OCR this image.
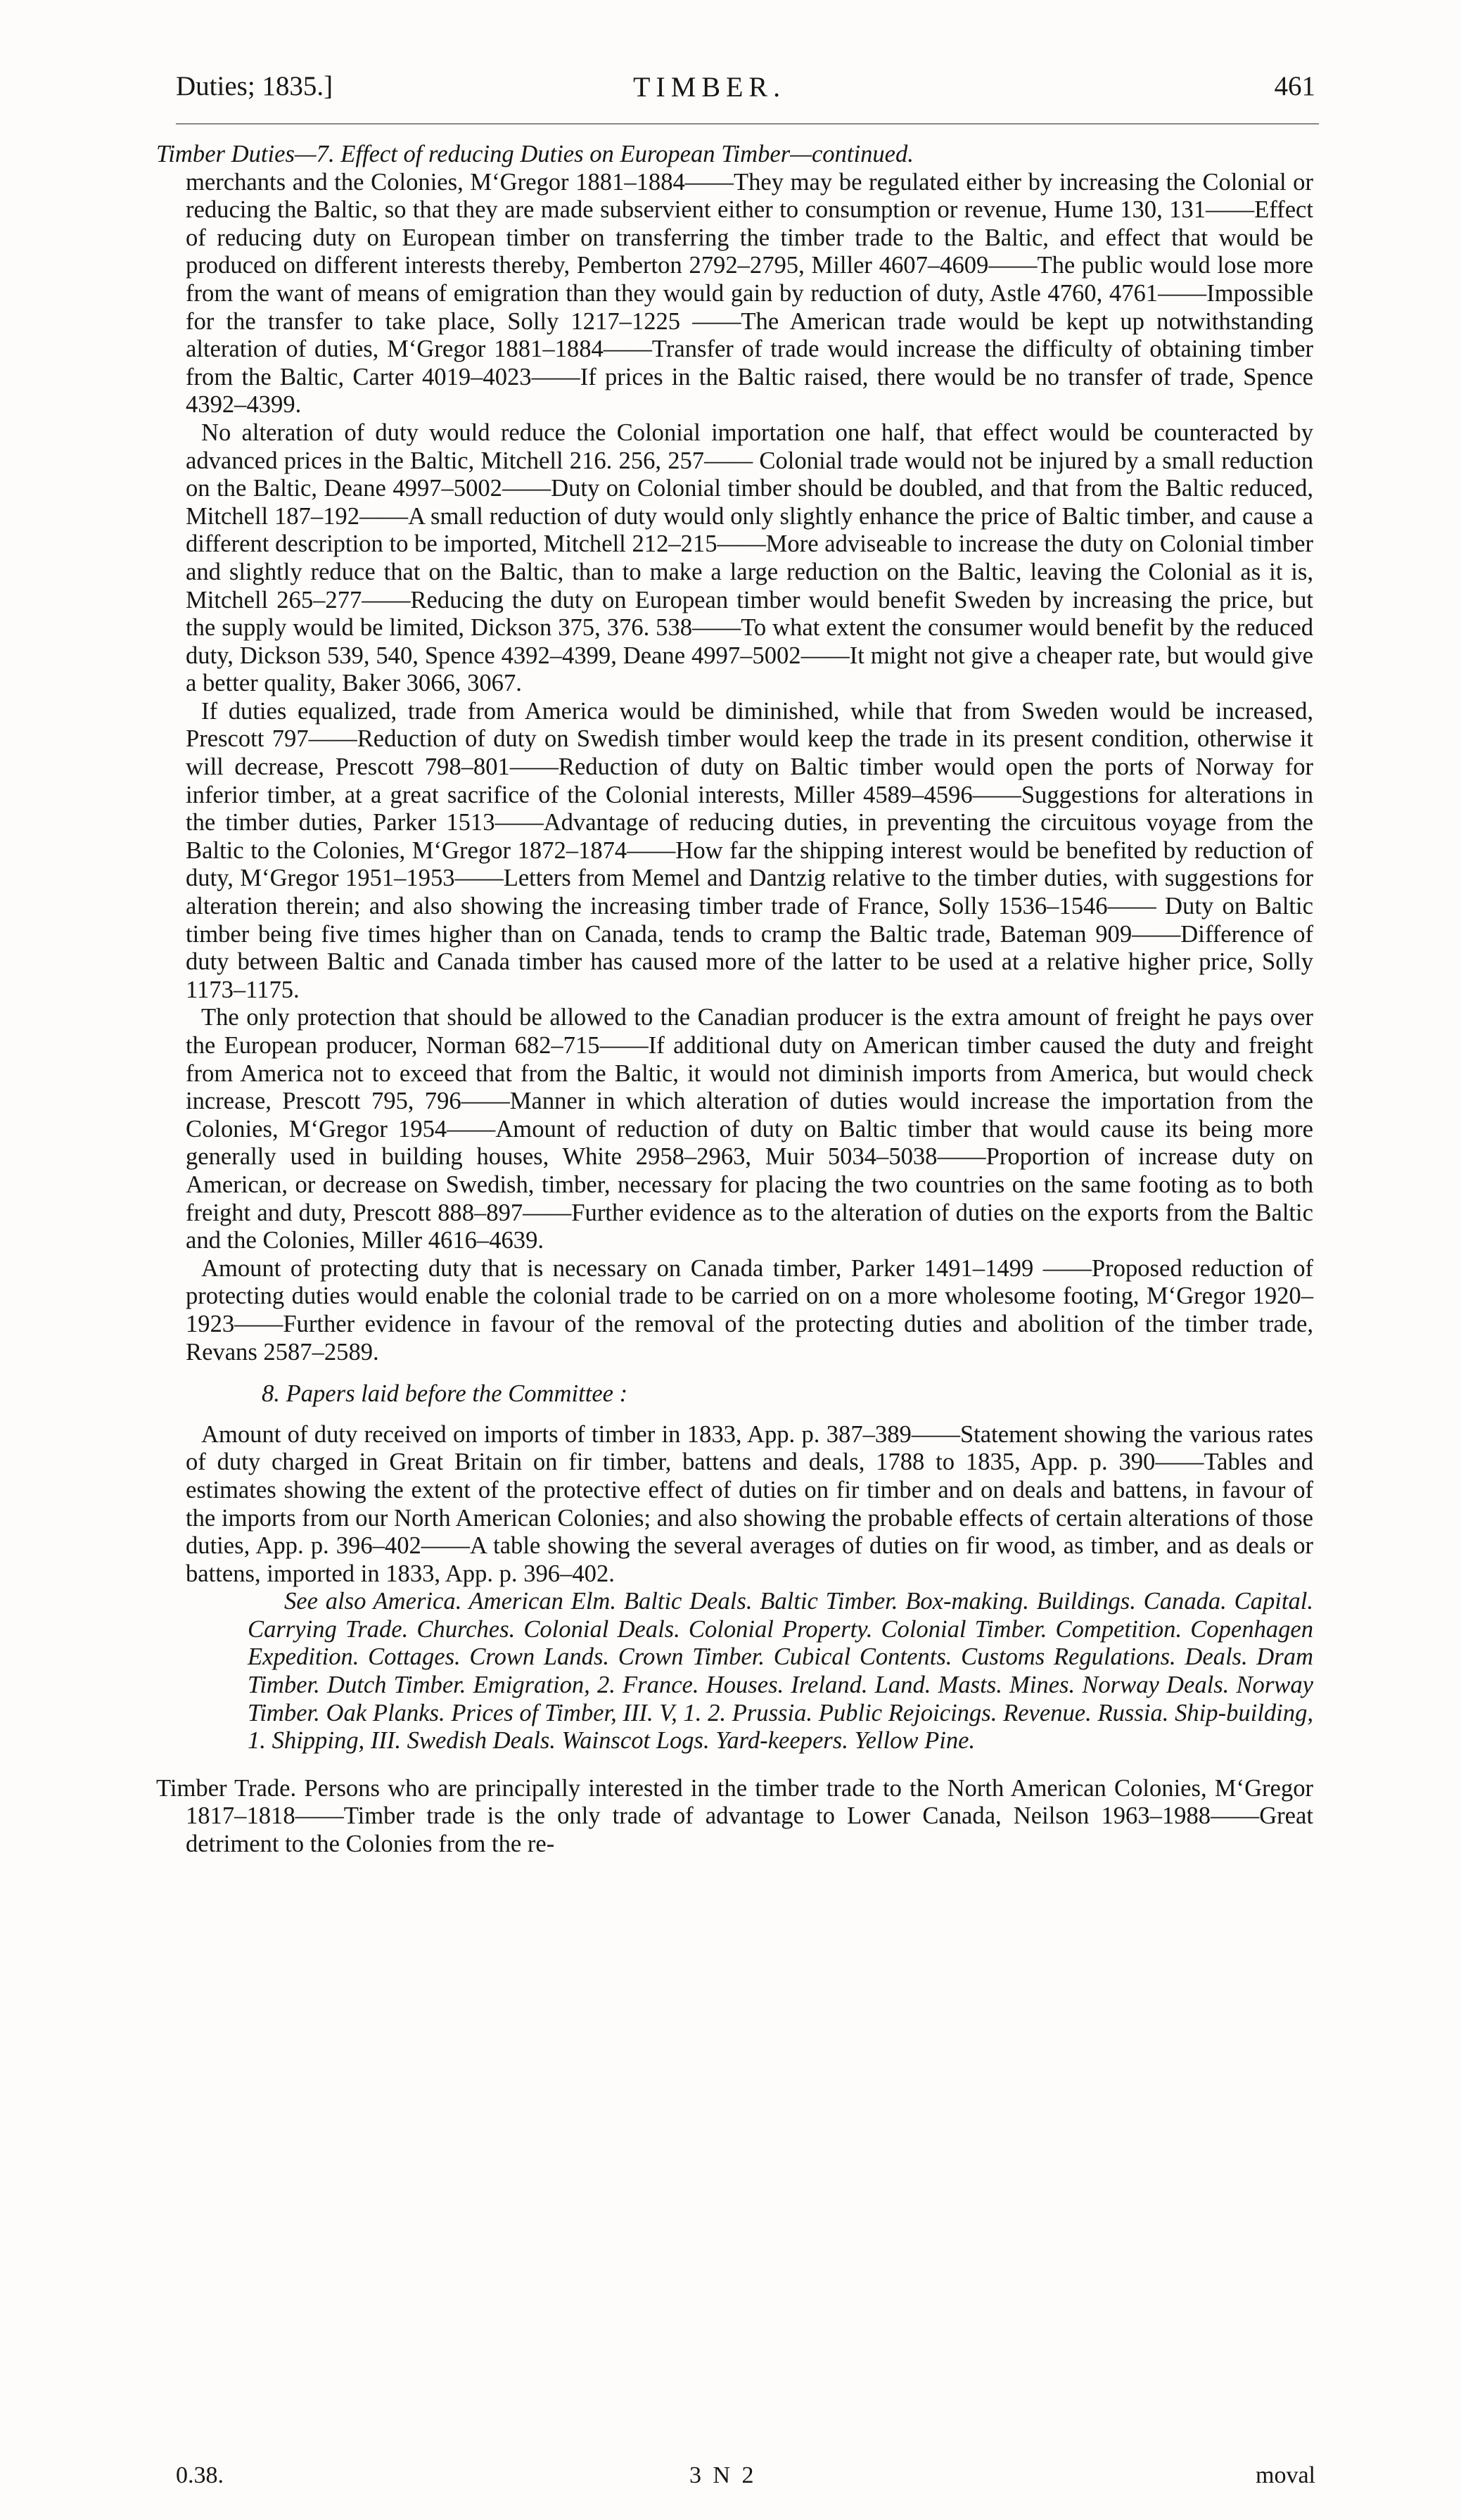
Duties; 1835.]	TIMBER.	461

Timber Duties—7. Effect of reducing Duties on European Timber—continued.

merchants and the Colonies, M‘Gregor 1881–1884——They may be regulated either by increasing the Colonial or reducing the Baltic, so that they are made subservient either to consumption or revenue, Hume 130, 131——Effect of reducing duty on European timber on transferring the timber trade to the Baltic, and effect that would be produced on different interests thereby, Pemberton 2792–2795, Miller 4607–4609——The public would lose more from the want of means of emigration than they would gain by reduction of duty, Astle 4760, 4761——Impossible for the transfer to take place, Solly 1217–1225 ——The American trade would be kept up notwithstanding alteration of duties, M‘Gregor 1881–1884——Transfer of trade would increase the difficulty of obtaining timber from the Baltic, Carter 4019–4023——If prices in the Baltic raised, there would be no transfer of trade, Spence 4392–4399.

No alteration of duty would reduce the Colonial importation one half, that effect would be counteracted by advanced prices in the Baltic, Mitchell 216. 256, 257—— Colonial trade would not be injured by a small reduction on the Baltic, Deane 4997–5002——Duty on Colonial timber should be doubled, and that from the Baltic reduced, Mitchell 187–192——A small reduction of duty would only slightly enhance the price of Baltic timber, and cause a different description to be imported, Mitchell 212–215——More adviseable to increase the duty on Colonial timber and slightly reduce that on the Baltic, than to make a large reduction on the Baltic, leaving the Colonial as it is, Mitchell 265–277——Reducing the duty on European timber would benefit Sweden by increasing the price, but the supply would be limited, Dickson 375, 376. 538——To what extent the consumer would benefit by the reduced duty, Dickson 539, 540, Spence 4392–4399, Deane 4997–5002——It might not give a cheaper rate, but would give a better quality, Baker 3066, 3067.

If duties equalized, trade from America would be diminished, while that from Sweden would be increased, Prescott 797——Reduction of duty on Swedish timber would keep the trade in its present condition, otherwise it will decrease, Prescott 798–801——Reduction of duty on Baltic timber would open the ports of Norway for inferior timber, at a great sacrifice of the Colonial interests, Miller 4589–4596——Suggestions for alterations in the timber duties, Parker 1513——Advantage of reducing duties, in preventing the circuitous voyage from the Baltic to the Colonies, M‘Gregor 1872–1874——How far the shipping interest would be benefited by reduction of duty, M‘Gregor 1951–1953——Letters from Memel and Dantzig relative to the timber duties, with suggestions for alteration therein; and also showing the increasing timber trade of France, Solly 1536–1546—— Duty on Baltic timber being five times higher than on Canada, tends to cramp the Baltic trade, Bateman 909——Difference of duty between Baltic and Canada timber has caused more of the latter to be used at a relative higher price, Solly 1173–1175.

The only protection that should be allowed to the Canadian producer is the extra amount of freight he pays over the European producer, Norman 682–715——If additional duty on American timber caused the duty and freight from America not to exceed that from the Baltic, it would not diminish imports from America, but would check increase, Prescott 795, 796——Manner in which alteration of duties would increase the importation from the Colonies, M‘Gregor 1954——Amount of reduction of duty on Baltic timber that would cause its being more generally used in building houses, White 2958–2963, Muir 5034–5038——Proportion of increase duty on American, or decrease on Swedish, timber, necessary for placing the two countries on the same footing as to both freight and duty, Prescott 888–897——Further evidence as to the alteration of duties on the exports from the Baltic and the Colonies, Miller 4616–4639.

Amount of protecting duty that is necessary on Canada timber, Parker 1491–1499 ——Proposed reduction of protecting duties would enable the colonial trade to be carried on on a more wholesome footing, M‘Gregor 1920–1923——Further evidence in favour of the removal of the protecting duties and abolition of the timber trade, Revans 2587–2589.

8. Papers laid before the Committee :

Amount of duty received on imports of timber in 1833, App. p. 387–389——Statement showing the various rates of duty charged in Great Britain on fir timber, battens and deals, 1788 to 1835, App. p. 390——Tables and estimates showing the extent of the protective effect of duties on fir timber and on deals and battens, in favour of the imports from our North American Colonies; and also showing the probable effects of certain alterations of those duties, App. p. 396–402——A table showing the several averages of duties on fir wood, as timber, and as deals or battens, imported in 1833, App. p. 396–402.

See also America. American Elm. Baltic Deals. Baltic Timber. Box-making. Buildings. Canada. Capital. Carrying Trade. Churches. Colonial Deals. Colonial Property. Colonial Timber. Competition. Copenhagen Expedition. Cottages. Crown Lands. Crown Timber. Cubical Contents. Customs Regulations. Deals. Dram Timber. Dutch Timber. Emigration, 2. France. Houses. Ireland. Land. Masts. Mines. Norway Deals. Norway Timber. Oak Planks. Prices of Timber, III. V, 1. 2. Prussia. Public Rejoicings. Revenue. Russia. Ship-building, 1. Shipping, III. Swedish Deals. Wainscot Logs. Yard-keepers. Yellow Pine.

Timber Trade. Persons who are principally interested in the timber trade to the North American Colonies, M‘Gregor 1817–1818——Timber trade is the only trade of advantage to Lower Canada, Neilson 1963–1988——Great detriment to the Colonies from the re-

0.38.	3 N 2	moval
